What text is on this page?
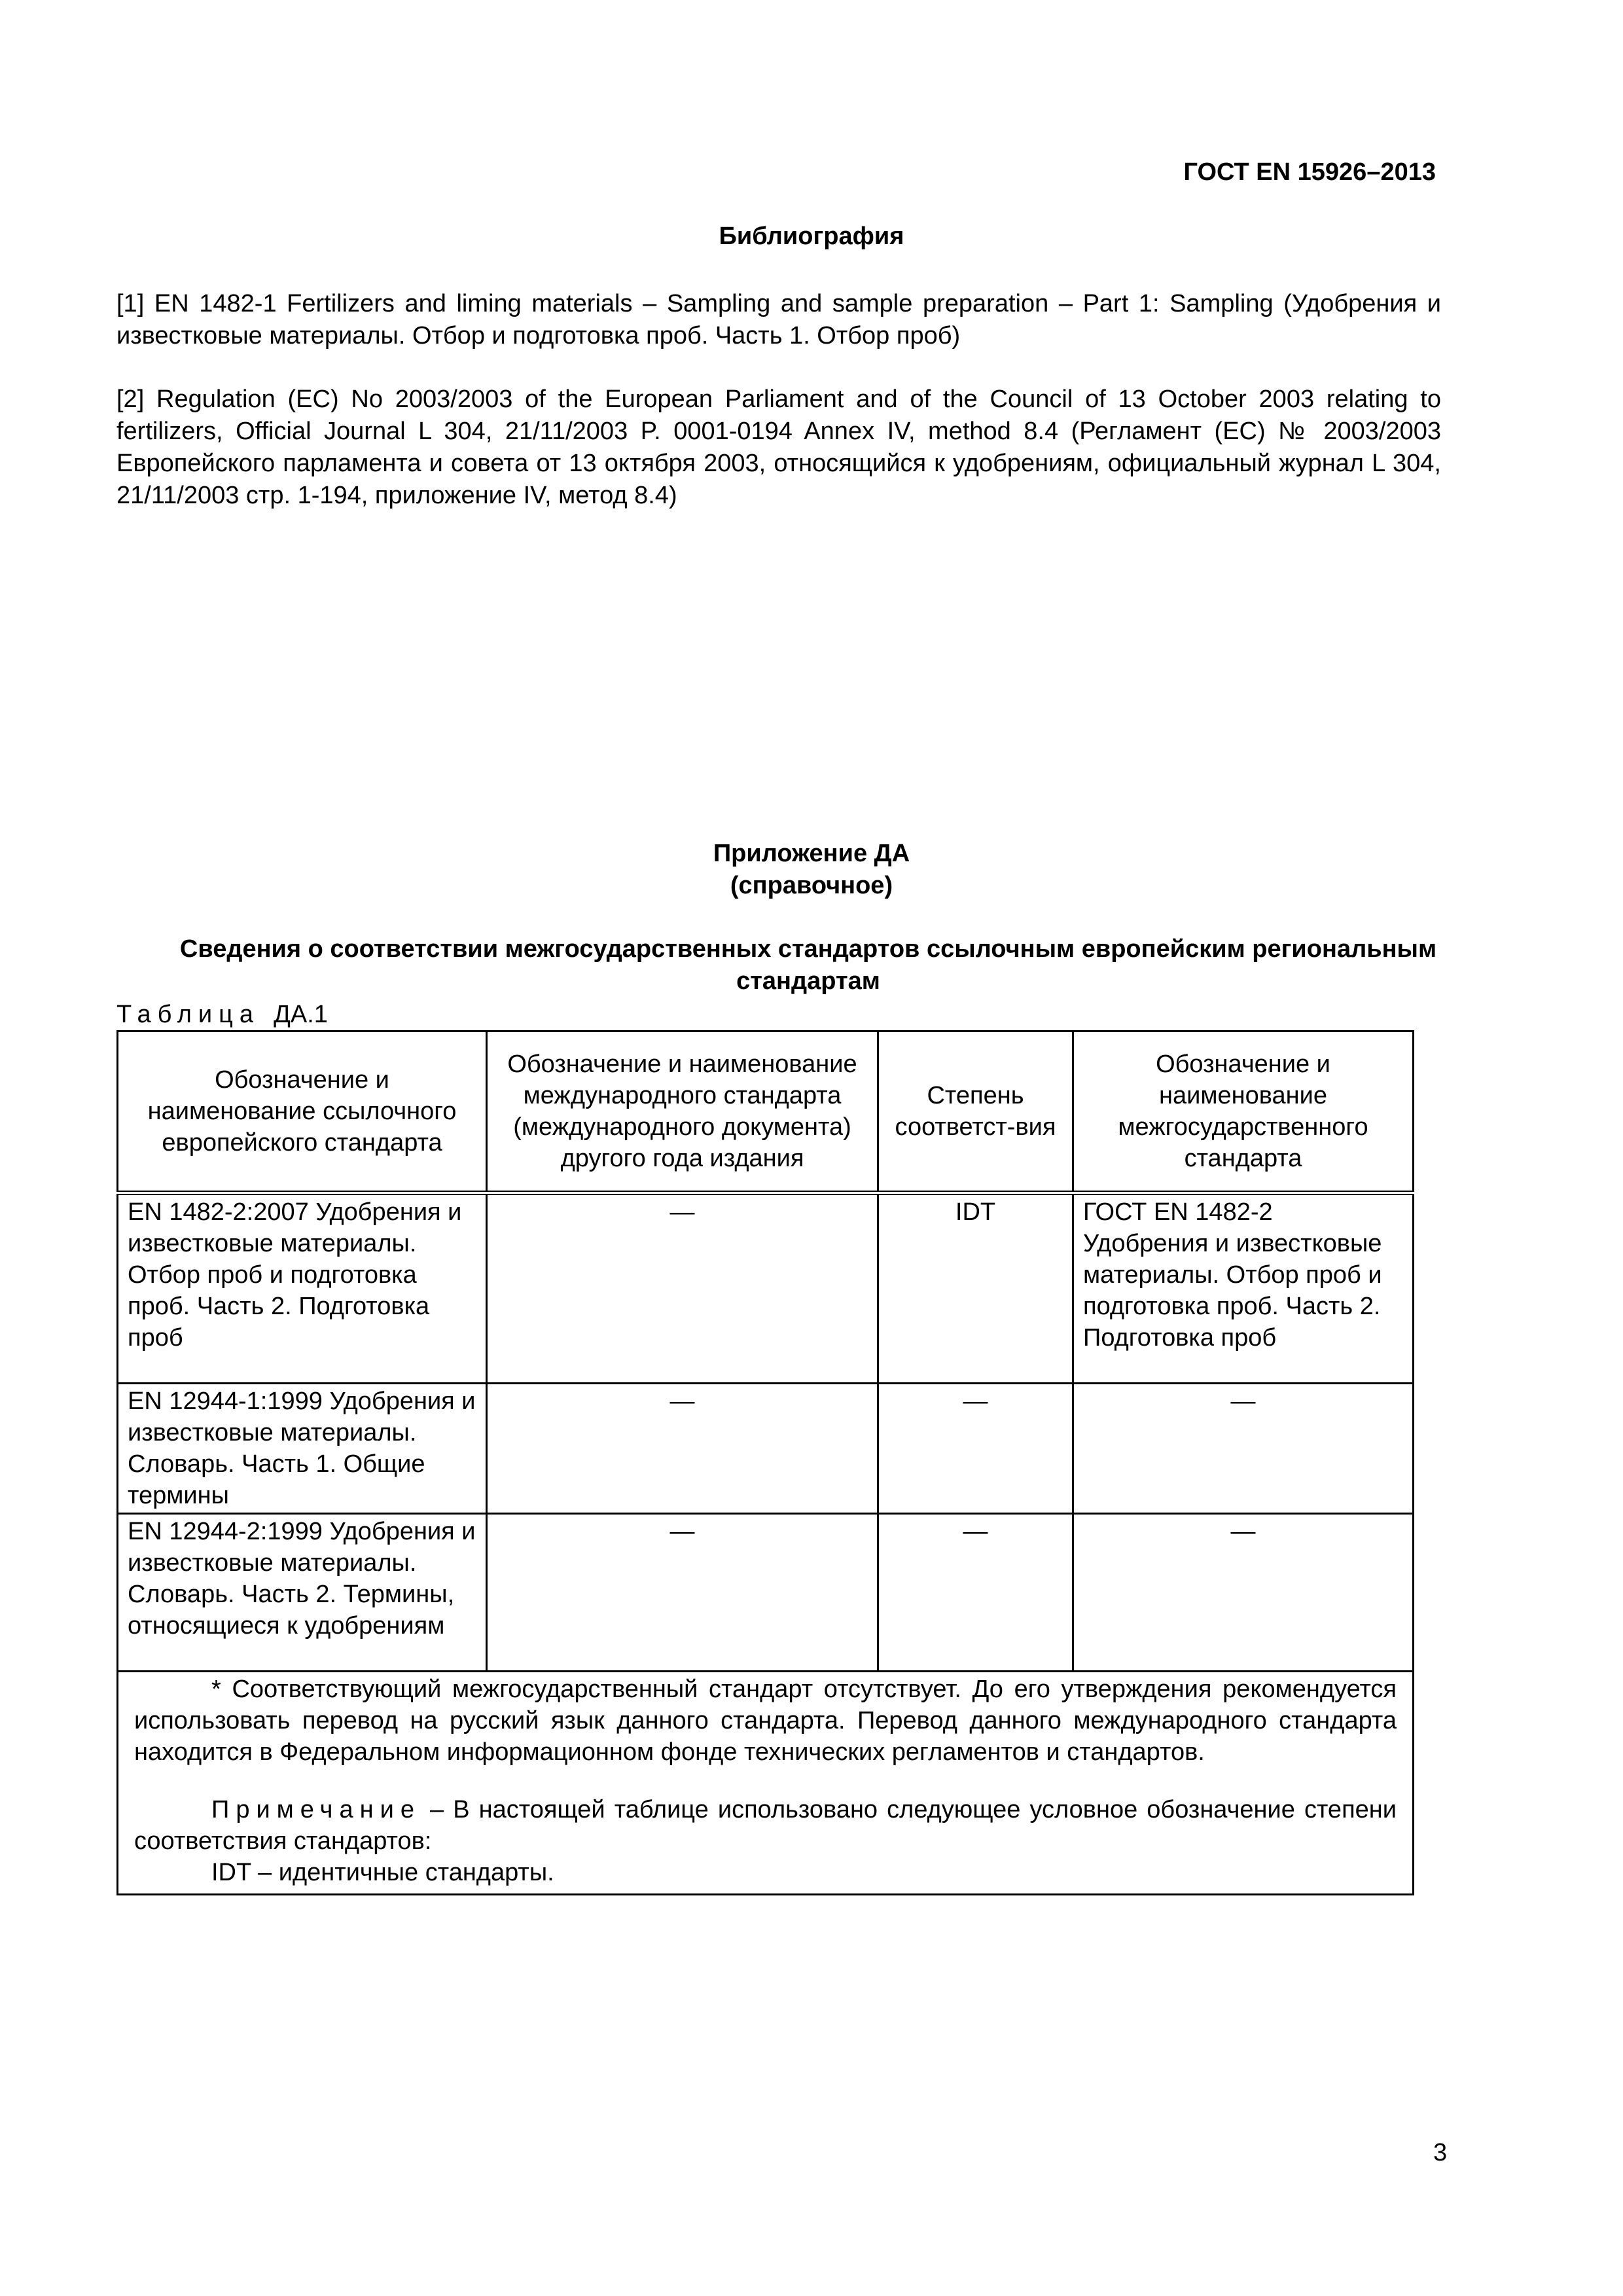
ГОСТ EN 15926–2013
Библиография
[1] EN 1482-1 Fertilizers and liming materials – Sampling and sample preparation – Part 1: Sampling (Удобрения и известковые материалы. Отбор и подготовка проб. Часть 1. Отбор проб)
[2] Regulation (EC) No 2003/2003 of the European Parliament and of the Council of 13 October 2003 relating to fertilizers, Official Journal L 304, 21/11/2003 P. 0001-0194 Annex IV, method 8.4 (Регламент (ЕС) № 2003/2003 Европейского парламента и совета от 13 октября 2003, относящийся к удобрениям, официальный журнал L 304, 21/11/2003 стр. 1-194, приложение IV, метод 8.4)
Приложение ДА
(справочное)
Сведения о соответствии межгосударственных стандартов ссылочным европейским региональным стандартам
Таблица ДА.1
Обозначение и наименование ссылочного европейского стандарта	Обозначение и наименование международного стандарта (международного документа) другого года издания	Степень соответст-вия	Обозначение и наименование межгосударственного стандарта
EN 1482-2:2007 Удобрения и известковые материалы. Отбор проб и подготовка проб. Часть 2. Подготовка проб	—	IDT	ГОСТ EN 1482-2 Удобрения и известковые материалы. Отбор проб и подготовка проб. Часть 2. Подготовка проб
EN 12944-1:1999 Удобрения и известковые материалы. Словарь. Часть 1. Общие термины	—	—	—
EN 12944-2:1999 Удобрения и известковые материалы. Словарь. Часть 2. Термины, относящиеся к удобрениям	—	—	—

* Соответствующий межгосударственный стандарт отсутствует. До его утверждения рекомендуется использовать перевод на русский язык данного стандарта. Перевод данного международного стандарта находится в Федеральном информационном фонде технических регламентов и стандартов.

Примечание – В настоящей таблице использовано следующее условное обозначение степени соответствия стандартов:

IDT – идентичные стандарты.			

3
